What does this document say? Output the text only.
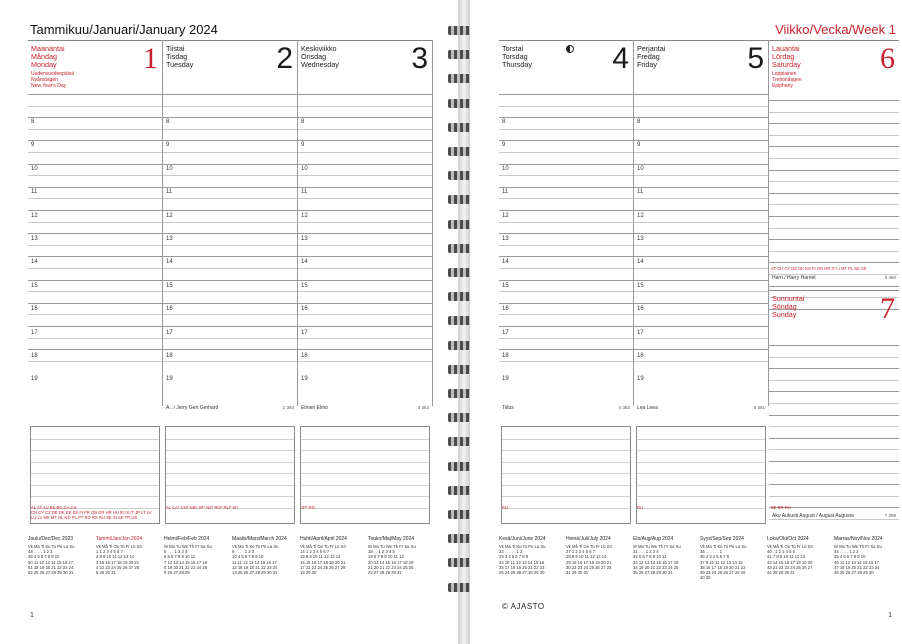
Tammikuu/Januari/January 2024
Maanantai
Måndag
Monday	1
Uudenvuodenpäivä
Nyårsdagen
New Year's Day
8
9
10
11
12
13
14
15
16
17
18
19
AL AT AU BE BG CA CH
CN CY CZ DE DK EE ES FI FR GB GR HR HU IE IS IT JP LT LV
LU LV MK MT NL NO PL PT RO RS RU SE SI SK TR US
Tiistai
Tisdag
Tuesday	2
8
9
10
11
12
13
14
15
16
17
18
19
A.. / Jerry Gert Gerhard	2 364
AL CA* CH* GB* JP* NZ* RO* RU* SI*
Keskiviikko
Onsdag
Wednesday 3
8
9
10
11
12
13
14
15
16
17
18
19
Elmeri Elmo	3 363
JP* RO
Joulu/Dec/Dec 2023
Vk Ma Ti Ke To Pe La Su
48 . . . . 1 2 3
49 4 5 6 7 8 9 10
50 11 12 13 14 15 16 17
51 18 19 20 21 22 23 24
52 25 26 27 28 29 30 31
Tammi/Jan/Jan 2024
Vk Må Ti On To Fr Lö Sö
1 1 2 3 4 5 6 7
2 8 9 10 11 12 13 14
3 15 16 17 18 19 20 21
4 22 23 24 25 26 27 28
5 29 30 31
Helmi/Feb/Feb 2024
W Mo Tu We Th Fr Sa Su
5 . . . 1 2 3 4
6 5 6 7 8 9 10 11
7 12 13 14 15 16 17 18
8 19 20 21 22 23 24 25
9 26 27 28 29
Maalis/Mars/March 2024
Vk Ma Ti Ke To Pe La Su
9 . . . . 1 2 3
10 4 5 6 7 8 9 10
11 11 12 13 14 15 16 17
12 18 19 20 21 22 23 24
13 25 26 27 28 29 30 31
Huhti/April/April 2024
Vk Må Ti On To Fr Lö Sö
14 1 2 3 4 5 6 7
15 8 9 10 11 12 13 14
16 15 16 17 18 19 20 21
17 22 23 24 25 26 27 28
18 29 30
Touko/Maj/May 2024
W Mo Tu We Th Fr Sa Su
18 . . 1 2 3 4 5
19 6 7 8 9 10 11 12
20 13 14 15 16 17 18 19
21 20 21 22 23 24 25 26
22 27 28 29 30 31
1
Viikko/Vecka/Week 1
Torstai
Torsdag
Thursday	4
8
9
10
11
12
13
14
15
16
17
18
19
Tiitus	4 362
RU
Perjantai
Fredag
Friday	5
8
9
10
11
12
13
14
15
16
17
18
19
Lea Leea	5 361
RU
Lauantai
Lördag
Saturday	6
Loppiainen
Trettondagen
Epiphany
AT CH CY DE DK ES FI GR HR IT LI MT PL SE SK
Harri / Harry Harriet	6 360
Sunnuntai
Söndag
Sunday	7
BE BR RU
Aku Aukusti August / August Augusta	7 359
Kesä/Juni/June 2024
Vk Ma Ti Ke To Pe La Su
22 . . . . . 1 2
23 3 4 5 6 7 8 9
24 10 11 12 13 14 15 16
25 17 18 19 20 21 22 23
26 24 25 26 27 28 29 30
Heinä/Juli/July 2024
Vk Må Ti On To Fr Lö Sö
27 1 2 3 4 5 6 7
28 8 9 10 11 12 13 14
29 15 16 17 18 19 20 21
30 22 23 24 25 26 27 28
31 29 30 31
Elo/Aug/Aug 2024
W Mo Tu We Th Fr Sa Su
31 . . . 1 2 3 4
32 5 6 7 8 9 10 11
33 12 13 14 15 16 17 18
34 19 20 21 22 23 24 25
35 26 27 28 29 30 31
Syys/Sep/Sep 2024
Vk Ma Ti Ke To Pe La Su
35 . . . . . . 1
36 2 3 4 5 6 7 8
37 9 10 11 12 13 14 15
38 16 17 18 19 20 21 22
39 23 24 25 26 27 28 29
40 30
Loka/Okt/Oct 2024
Vk Må Ti On To Fr Lö Sö
40 . 1 2 3 4 5 6
41 7 8 9 10 11 12 13
42 14 15 16 17 18 19 20
43 21 22 23 24 25 26 27
44 28 29 30 31
Marras/Nov/Nov 2024
W Mo Tu We Th Fr Sa Su
44 . . . . 1 2 3
45 4 5 6 7 8 9 10
46 11 12 13 14 15 16 17
47 18 19 20 21 22 23 24
48 25 26 27 28 29 30
1
© AJASTO
